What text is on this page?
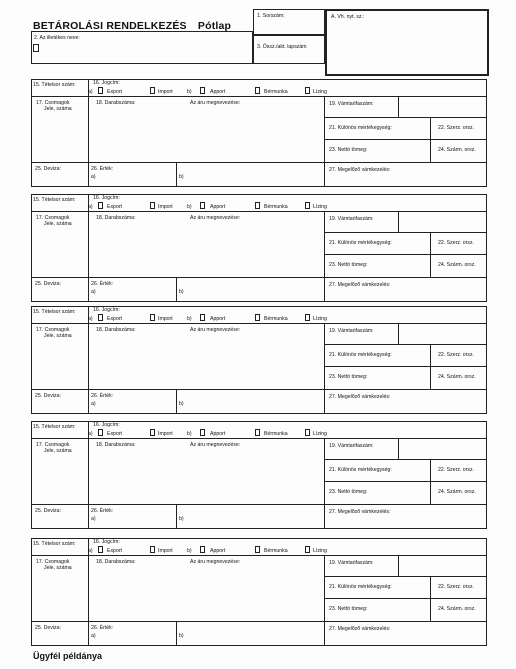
BETÁROLÁSI RENDELKEZÉS Pótlap
2. Az illetékes neve:
1. Sorszám:
3. Össz./akt. lapszám
A. Vh. nyt. sz.:
15. Tételsor szám:	16. Jogcím:
a)	Export	Import	b)	Apport	Bérmunka	Lízing
17. Csomagok
Jele, száma
18. Darabszáma:	Az áru megnevezése:	19. Vámtarifaszám:
21. Különös mértékegység:	22. Szerz. orsz.
23. Nettó tömeg:	24. Szárm. orsz.
25. Deviza:	26. Érték:
a)	b)
27. Megelőző vámkezelés:
15. Tételsor szám:	16. Jogcím:
a)	Export	Import	b)	Apport	Bérmunka	Lízing
17. Csomagok
Jele, száma
18. Darabszáma:	Az áru megnevezése:	19. Vámtarifaszám:
21. Különös mértékegység:	22. Szerz. orsz.
23. Nettó tömeg:	24. Szárm. orsz.
25. Deviza:	26. Érték:
a)	b)
27. Megelőző vámkezelés:
15. Tételsor szám:	16. Jogcím:
a)	Export	Import	b)	Apport	Bérmunka	Lízing
17. Csomagok
Jele, száma
18. Darabszáma:	Az áru megnevezése:	19. Vámtarifaszám:
21. Különös mértékegység:	22. Szerz. orsz.
23. Nettó tömeg:	24. Szárm. orsz.
25. Deviza:	26. Érték:
a)	b)
27. Megelőző vámkezelés:
15. Tételsor szám:	16. Jogcím:
a)	Export	Import	b)	Apport	Bérmunka	Lízing
17. Csomagok
Jele, száma
18. Darabszáma:	Az áru megnevezése:	19. Vámtarifaszám:
21. Különös mértékegység:	22. Szerz. orsz.
23. Nettó tömeg:	24. Szárm. orsz.
25. Deviza:	26. Érték:
a)	b)
27. Megelőző vámkezelés:
15. Tételsor szám:	16. Jogcím:
a)	Export	Import	b)	Apport	Bérmunka	Lízing
17. Csomagok
Jele, száma
18. Darabszáma:	Az áru megnevezése:	19. Vámtarifaszám:
21. Különös mértékegység:	22. Szerz. orsz.
23. Nettó tömeg:	24. Szárm. orsz.
25. Deviza:	26. Érték:
a)	b)
27. Megelőző vámkezelés:
Ügyfél példánya
